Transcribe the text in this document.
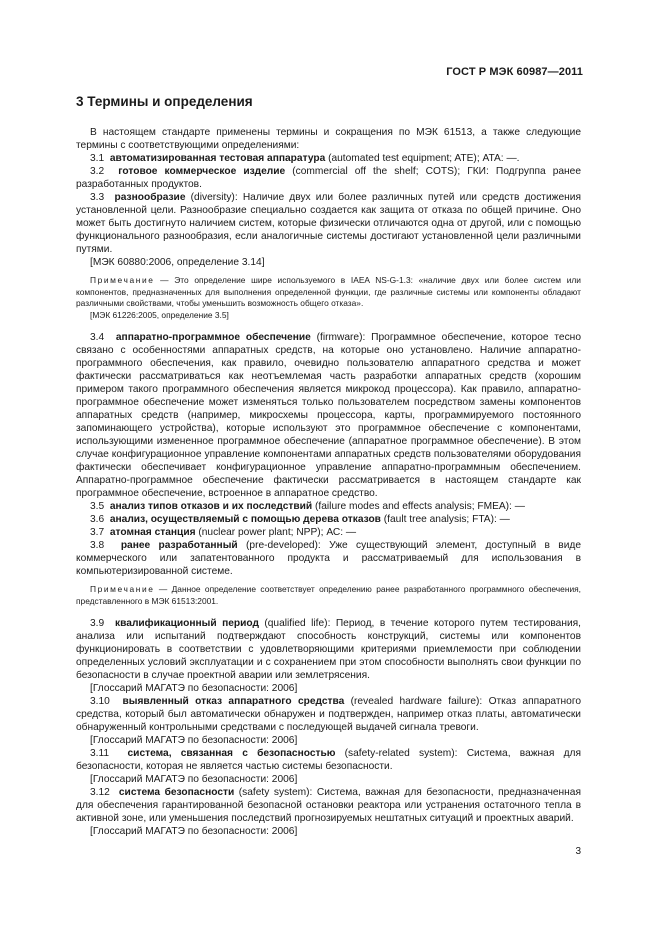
ГОСТ Р МЭК 60987—2011
3 Термины и определения

В настоящем стандарте применены термины и сокращения по МЭК 61513, а также следующие термины с соответствующими определениями:

3.1 автоматизированная тестовая аппаратура (automated test equipment; ATE); ATA: —.

3.2 готовое коммерческое изделие (commercial off the shelf; COTS); ГКИ: Подгруппа ранее разработанных продуктов.

3.3 разнообразие (diversity): Наличие двух или более различных путей или средств достижения установленной цели. Разнообразие специально создается как защита от отказа по общей причине. Оно может быть достигнуто наличием систем, которые физически отличаются одна от другой, или с помощью функционального разнообразия, если аналогичные системы достигают установленной цели различными путями.

[МЭК 60880:2006, определение 3.14]

Примечание — Это определение шире используемого в IAEA NS-G-1.3: «наличие двух или более систем или компонентов, предназначенных для выполнения определенной функции, где различные системы или компоненты обладают различными свойствами, чтобы уменьшить возможность общего отказа».

[МЭК 61226:2005, определение 3.5]

3.4 аппаратно-программное обеспечение (firmware): Программное обеспечение, которое тесно связано с особенностями аппаратных средств, на которые оно установлено. Наличие аппаратно-программного обеспечения, как правило, очевидно пользователю аппаратного средства и может фактически рассматриваться как неотъемлемая часть разработки аппаратных средств (хорошим примером такого программного обеспечения является микрокод процессора). Как правило, аппаратно-программное обеспечение может изменяться только пользователем посредством замены компонентов аппаратных средств (например, микросхемы процессора, карты, программируемого постоянного запоминающего устройства), которые используют это программное обеспечение с компонентами, использующими измененное программное обеспечение (аппаратное программное обеспечение). В этом случае конфигурационное управление компонентами аппаратных средств пользователями оборудования фактически обеспечивает конфигурационное управление аппаратно-программным обеспечением. Аппаратно-программное обеспечение фактически рассматривается в настоящем стандарте как программное обеспечение, встроенное в аппаратное средство.

3.5 анализ типов отказов и их последствий (failure modes and effects analysis; FMEA): —

3.6 анализ, осуществляемый с помощью дерева отказов (fault tree analysis; FTA): —

3.7 атомная станция (nuclear power plant; NPP); АС: —

3.8 ранее разработанный (pre-developed): Уже существующий элемент, доступный в виде коммерческого или запатентованного продукта и рассматриваемый для использования в компьютеризированной системе.

Примечание — Данное определение соответствует определению ранее разработанного программного обеспечения, представленного в МЭК 61513:2001.

3.9 квалификационный период (qualified life): Период, в течение которого путем тестирования, анализа или испытаний подтверждают способность конструкций, системы или компонентов функционировать в соответствии с удовлетворяющими критериями приемлемости при соблюдении определенных условий эксплуатации и с сохранением при этом способности выполнять свои функции по безопасности в случае проектной аварии или землетрясения.

[Глоссарий МАГАТЭ по безопасности: 2006]

3.10 выявленный отказ аппаратного средства (revealed hardware failure): Отказ аппаратного средства, который был автоматически обнаружен и подтвержден, например отказ платы, автоматически обнаруженный контрольными средствами с последующей выдачей сигнала тревоги.

[Глоссарий МАГАТЭ по безопасности: 2006]

3.11 система, связанная с безопасностью (safety-related system): Система, важная для безопасности, которая не является частью системы безопасности.

[Глоссарий МАГАТЭ по безопасности: 2006]

3.12 система безопасности (safety system): Система, важная для безопасности, предназначенная для обеспечения гарантированной безопасной остановки реактора или устранения остаточного тепла в активной зоне, или уменьшения последствий прогнозируемых нештатных ситуаций и проектных аварий.

[Глоссарий МАГАТЭ по безопасности: 2006]

3
